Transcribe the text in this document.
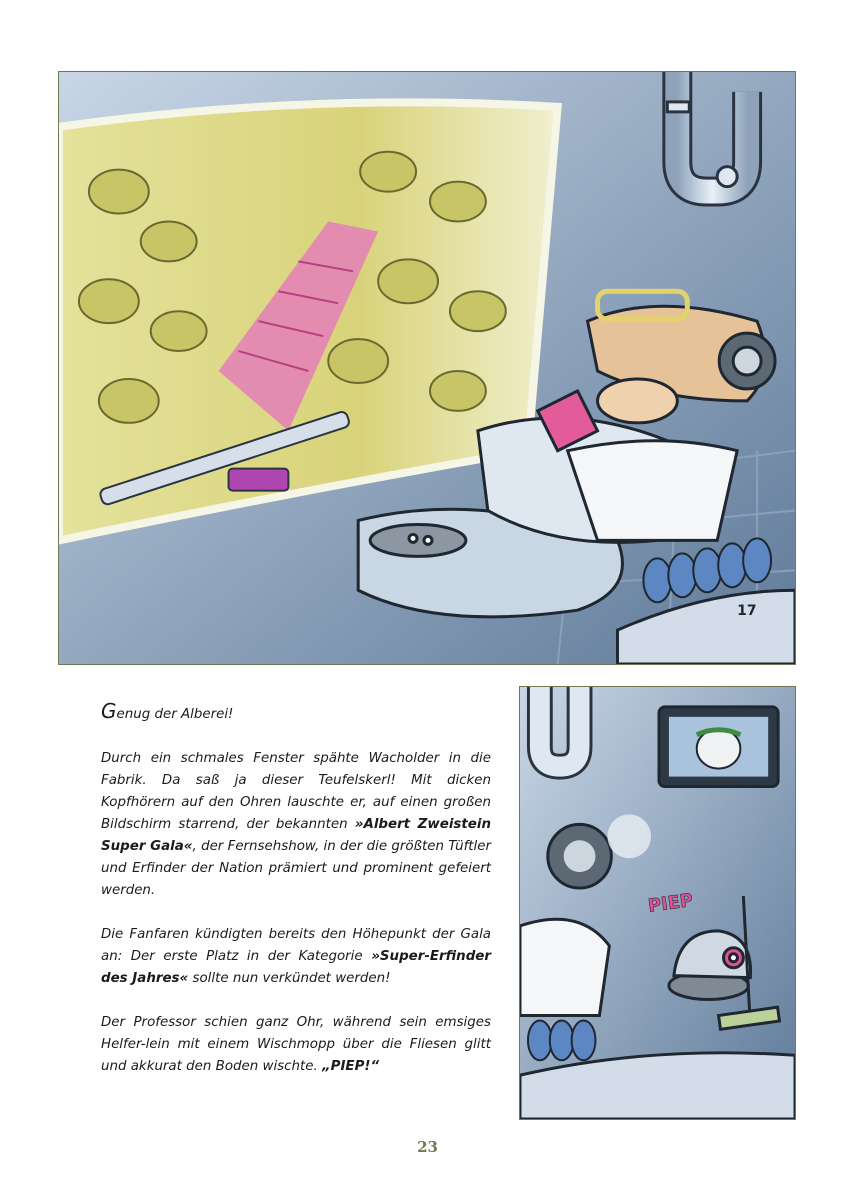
17
Genug der Alberei!

Durch ein schmales Fenster spähte Wacholder in die Fabrik. Da saß ja dieser Teufelskerl! Mit dicken Kopfhörern auf den Ohren lauschte er, auf einen großen Bildschirm starrend, der bekannten »Albert Zweistein Super Gala«, der Fernsehshow, in der die größten Tüftler und Erfinder der Nation prämiert und prominent gefeiert werden.

Die Fanfaren kündigten bereits den Höhepunkt der Gala an: Der erste Platz in der Kategorie »Super-Erfinder des Jahres« sollte nun verkündet werden!

Der Professor schien ganz Ohr, während sein emsiges Helfer-lein mit einem Wischmopp über die Fliesen glitt und akkurat den Boden wischte. „PIEP!“

PIEP
23
